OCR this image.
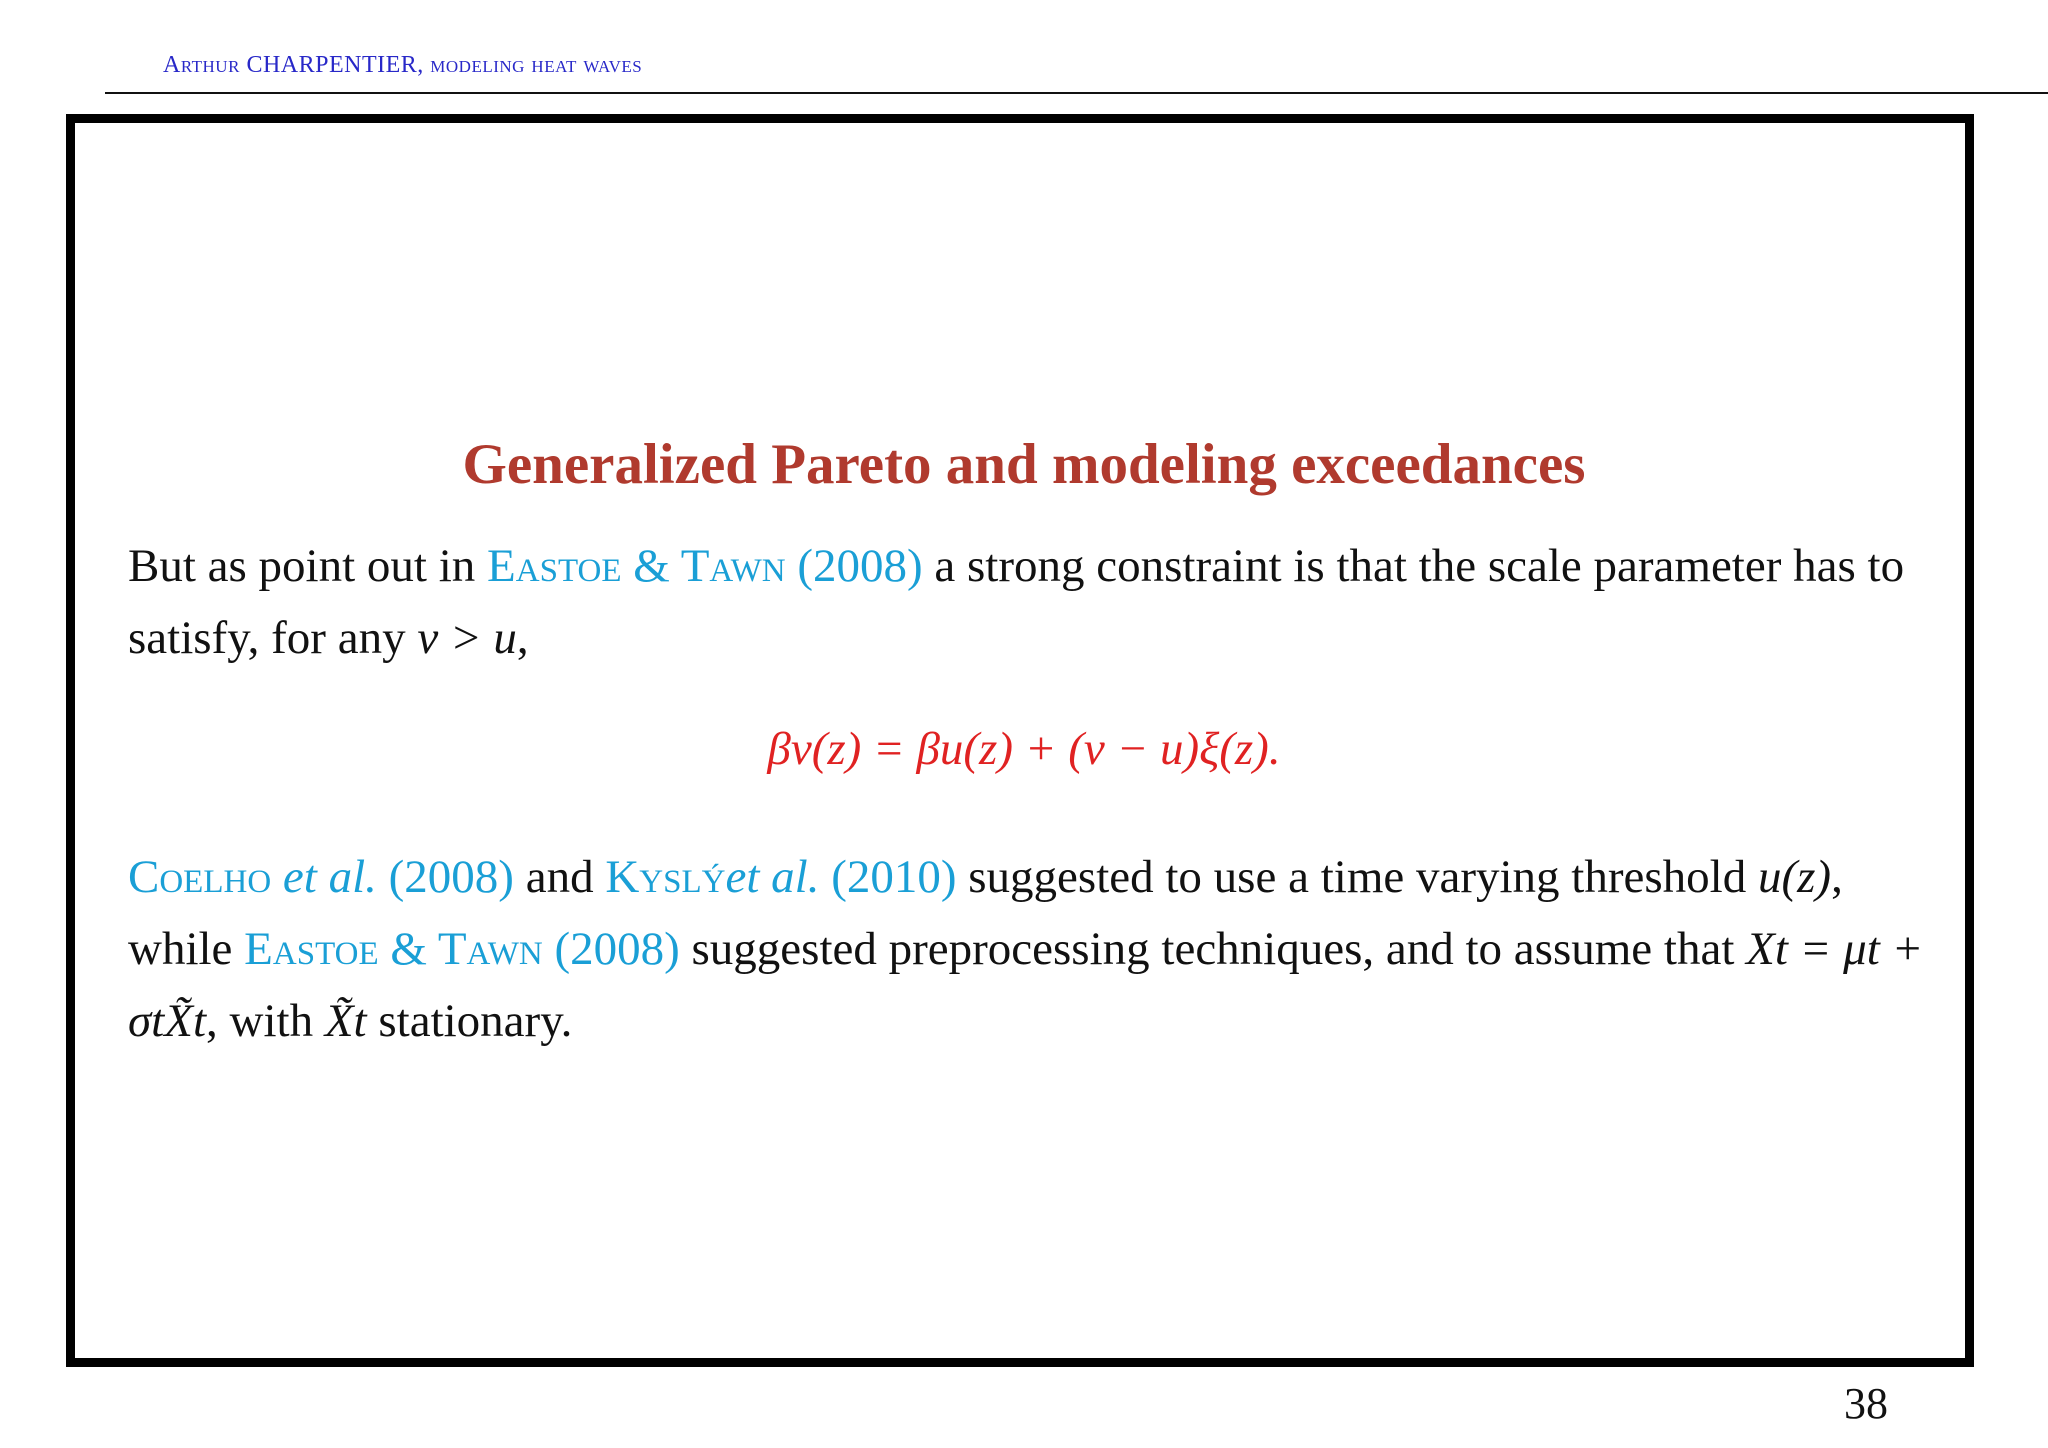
Arthur CHARPENTIER, modeling heat waves
Generalized Pareto and modeling exceedances
But as point out in Eastoe & Tawn (2008) a strong constraint is that the scale parameter has to satisfy, for any v > u,
βv(z) = βu(z) + (v − u)ξ(z).
Coelho et al. (2008) and Kyslýet al. (2010) suggested to use a time varying threshold u(z), while Eastoe & Tawn (2008) suggested preprocessing techniques, and to assume that Xt = μt + σtX̃t, with X̃t stationary.
38
